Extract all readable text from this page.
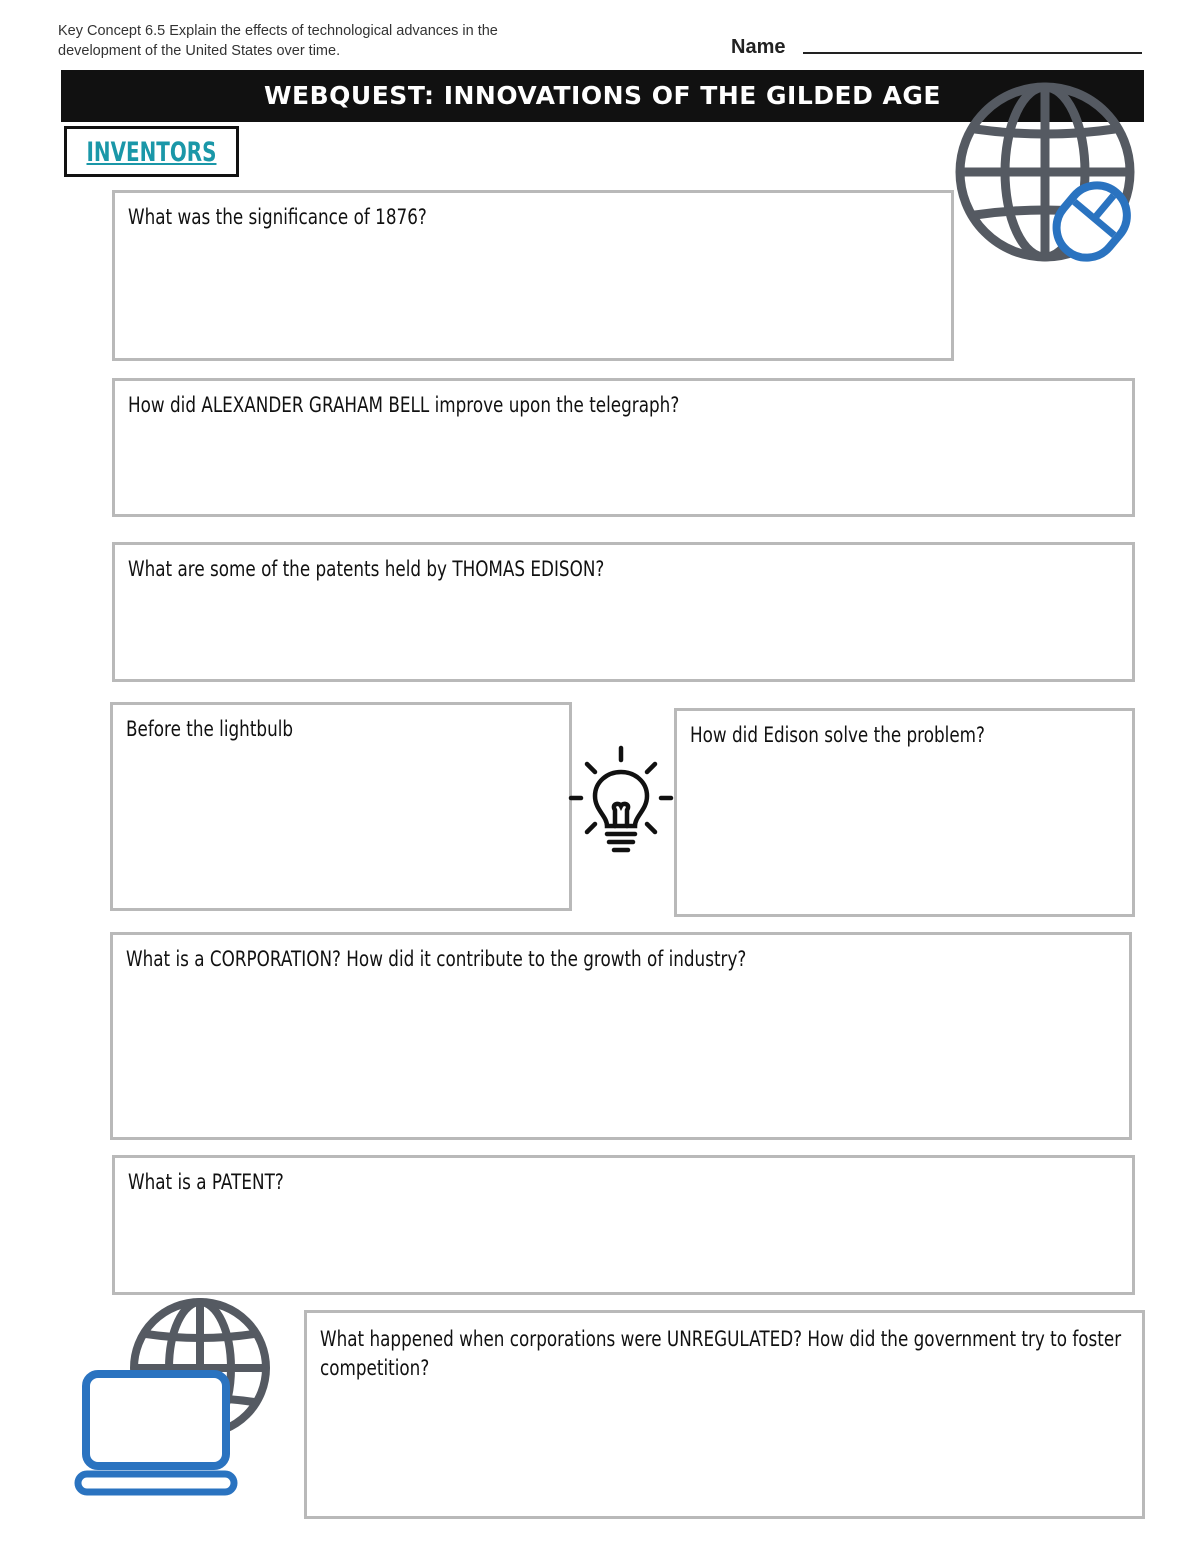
Key Concept 6.5 Explain the effects of technological advances in the development of the United States over time.	Name
WEBQUEST: INNOVATIONS OF THE GILDED AGE
INVENTORS
What was the significance of 1876?
How did ALEXANDER GRAHAM BELL improve upon the telegraph?
What are some of the patents held by THOMAS EDISON?
Before the lightbulb	How did Edison solve the problem?
What is a CORPORATION? How did it contribute to the growth of industry?
What is a PATENT?
What happened when corporations were UNREGULATED? How did the government try to foster competition?
